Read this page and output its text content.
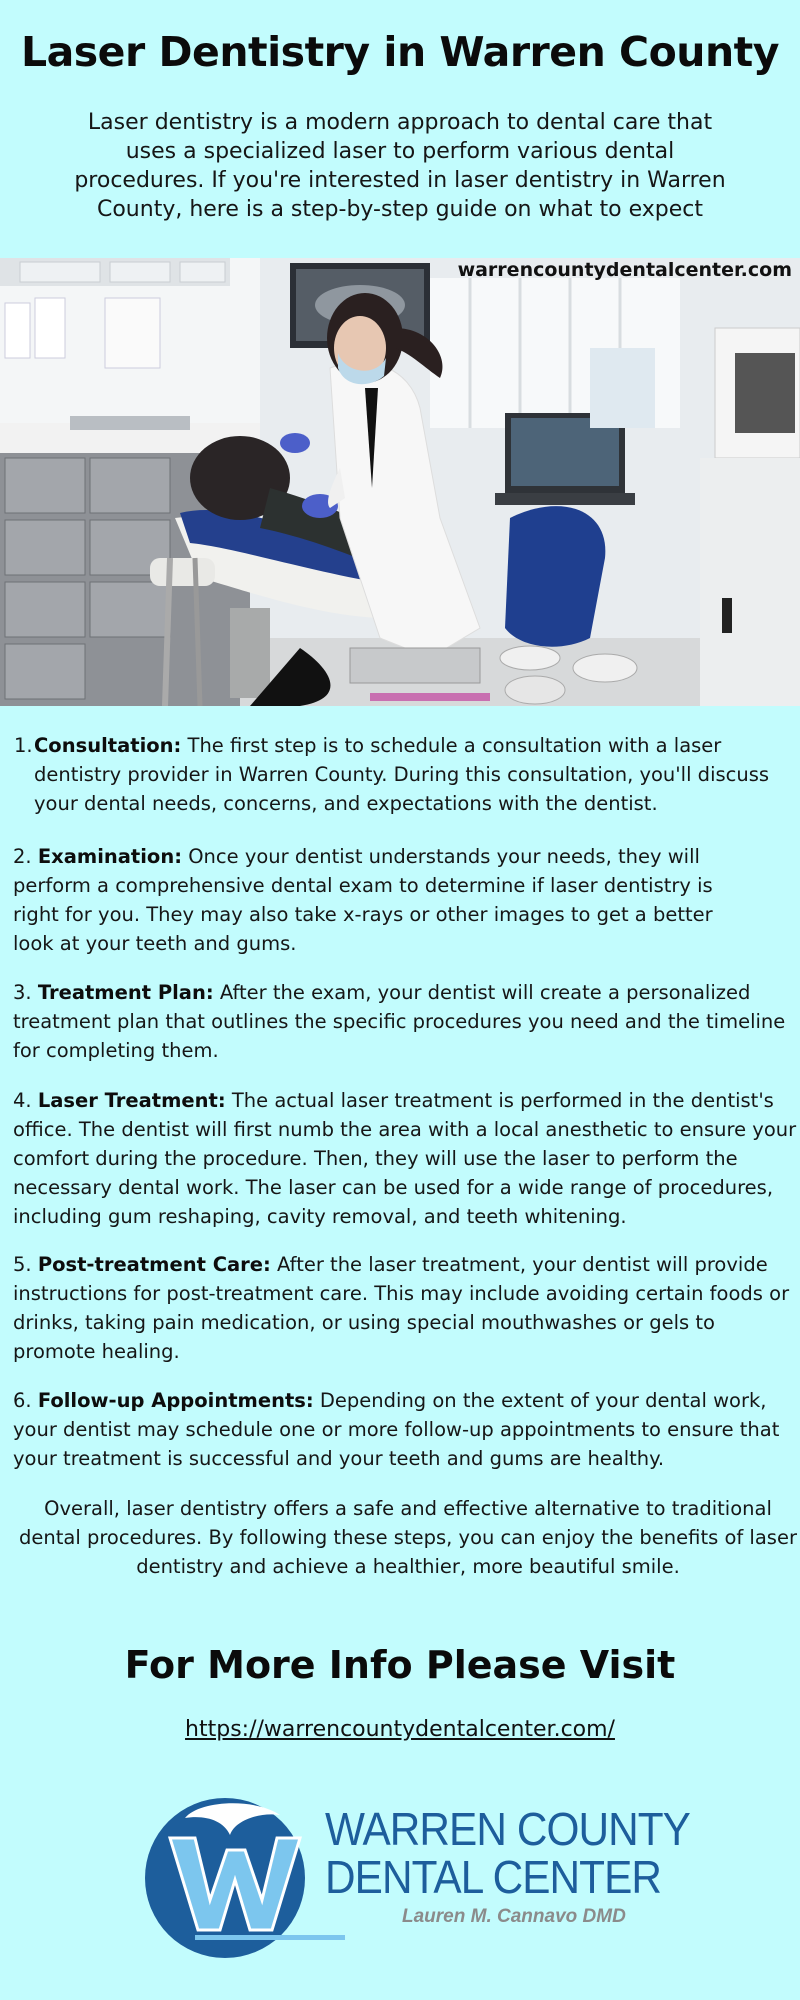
Laser Dentistry in Warren County

Laser dentistry is a modern approach to dental care that uses a specialized laser to perform various dental procedures. If you're interested in laser dentistry in Warren County, here is a step-by-step guide on what to expect

warrencountydentalcenter.com
1. Consultation: The first step is to schedule a consultation with a laser dentistry provider in Warren County. During this consultation, you'll discuss your dental needs, concerns, and expectations with the dentist.
2. Examination: Once your dentist understands your needs, they will perform a comprehensive dental exam to determine if laser dentistry is right for you. They may also take x-rays or other images to get a better look at your teeth and gums.
3. Treatment Plan: After the exam, your dentist will create a personalized treatment plan that outlines the specific procedures you need and the timeline for completing them.
4. Laser Treatment: The actual laser treatment is performed in the dentist's office. The dentist will first numb the area with a local anesthetic to ensure your comfort during the procedure. Then, they will use the laser to perform the necessary dental work. The laser can be used for a wide range of procedures, including gum reshaping, cavity removal, and teeth whitening.
5. Post-treatment Care: After the laser treatment, your dentist will provide instructions for post-treatment care. This may include avoiding certain foods or drinks, taking pain medication, or using special mouthwashes or gels to promote healing.
6. Follow-up Appointments: Depending on the extent of your dental work, your dentist may schedule one or more follow-up appointments to ensure that your treatment is successful and your teeth and gums are healthy.

Overall, laser dentistry offers a safe and effective alternative to traditional dental procedures. By following these steps, you can enjoy the benefits of laser dentistry and achieve a healthier, more beautiful smile.

For More Info Please Visit
https://warrencountydentalcenter.com/
WARREN COUNTY
DENTAL CENTER
Lauren M. Cannavo DMD
